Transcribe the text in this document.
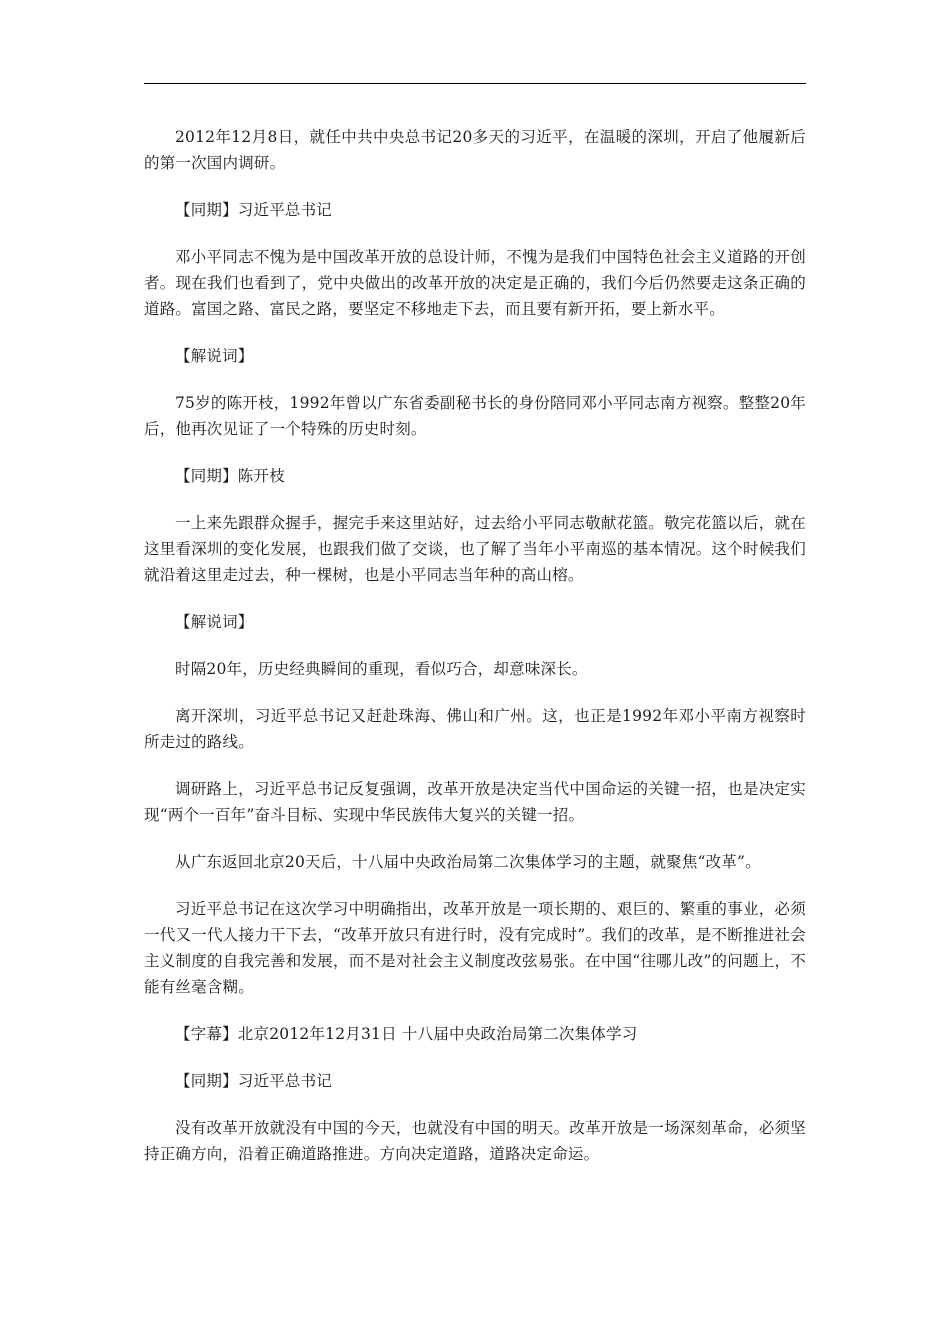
2012年12月8日，就任中共中央总书记20多天的习近平，在温暖的深圳，开启了他履新后的第一次国内调研。

【同期】习近平总书记

邓小平同志不愧为是中国改革开放的总设计师，不愧为是我们中国特色社会主义道路的开创者。现在我们也看到了，党中央做出的改革开放的决定是正确的，我们今后仍然要走这条正确的道路。富国之路、富民之路，要坚定不移地走下去，而且要有新开拓，要上新水平。

【解说词】

75岁的陈开枝，1992年曾以广东省委副秘书长的身份陪同邓小平同志南方视察。整整20年后，他再次见证了一个特殊的历史时刻。

【同期】陈开枝

一上来先跟群众握手，握完手来这里站好，过去给小平同志敬献花篮。敬完花篮以后，就在这里看深圳的变化发展，也跟我们做了交谈，也了解了当年小平南巡的基本情况。这个时候我们就沿着这里走过去，种一棵树，也是小平同志当年种的高山榕。

【解说词】

时隔20年，历史经典瞬间的重现，看似巧合，却意味深长。

离开深圳，习近平总书记又赶赴珠海、佛山和广州。这，也正是1992年邓小平南方视察时所走过的路线。

调研路上，习近平总书记反复强调，改革开放是决定当代中国命运的关键一招，也是决定实现“两个一百年”奋斗目标、实现中华民族伟大复兴的关键一招。

从广东返回北京20天后，十八届中央政治局第二次集体学习的主题，就聚焦“改革”。

习近平总书记在这次学习中明确指出，改革开放是一项长期的、艰巨的、繁重的事业，必须一代又一代人接力干下去，“改革开放只有进行时，没有完成时”。我们的改革，是不断推进社会主义制度的自我完善和发展，而不是对社会主义制度改弦易张。在中国“往哪儿改”的问题上，不能有丝毫含糊。

【字幕】北京2012年12月31日 十八届中央政治局第二次集体学习

【同期】习近平总书记

没有改革开放就没有中国的今天，也就没有中国的明天。改革开放是一场深刻革命，必须坚持正确方向，沿着正确道路推进。方向决定道路，道路决定命运。
